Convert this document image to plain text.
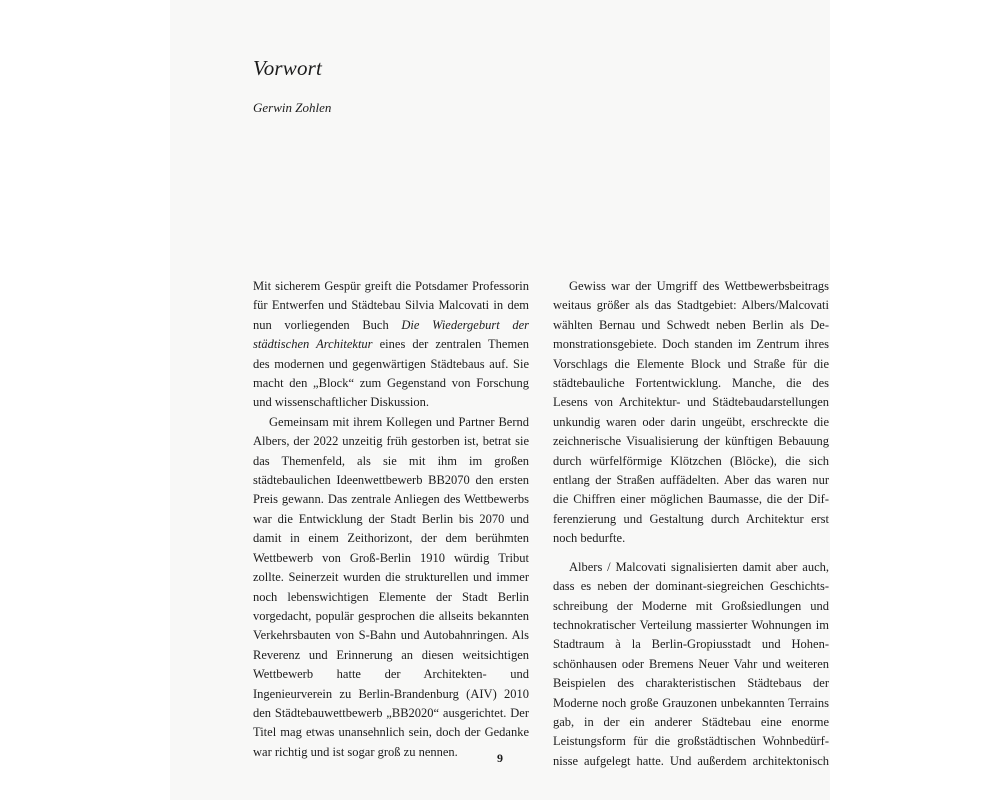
Vorwort

Gerwin Zohlen

Mit sicherem Gespür greift die Potsdamer Professorin für Entwerfen und Städtebau Silvia Malcovati in dem nun vorliegenden Buch Die Wiedergeburt der städtischen Architektur eines der zentralen Themen des modernen und gegenwärtigen Städtebaus auf. Sie macht den „Block“ zum Gegenstand von Forschung und wissenschaftlicher Diskussion.

Gemeinsam mit ihrem Kollegen und Partner Bernd Albers, der 2022 unzeitig früh gestorben ist, betrat sie das Themenfeld, als sie mit ihm im großen städtebaulichen Ideenwettbewerb BB2070 den ersten Preis gewann. Das zentrale Anliegen des Wettbewerbs war die Entwicklung der Stadt Berlin bis 2070 und damit in einem Zeithorizont, der dem berühmten Wettbewerb von Groß-Berlin 1910 würdig Tribut zollte. Seinerzeit wurden die strukturellen und immer noch lebenswichtigen Elemente der Stadt Berlin vorgedacht, populär gesprochen die allseits bekannten Verkehrsbauten von S-Bahn und Autobahnringen. Als Reverenz und Erinnerung an diesen weitsichtigen Wettbewerb hatte der Architekten- und Ingenieurverein zu Berlin-Brandenburg (AIV) 2010 den Städtebauwettbewerb „BB2020“ ausgerichtet. Der Titel mag etwas unansehnlich sein, doch der Gedanke war richtig und ist sogar groß zu nennen.

Gewiss war der Umgriff des Wettbewerbsbeitrags weitaus größer als das Stadtgebiet: Albers/Malcovati wählten Bernau und Schwedt neben Berlin als Demonstrationsgebiete. Doch standen im Zentrum ihres Vorschlags die Elemente Block und Straße für die städtebauliche Fortentwicklung. Manche, die des Lesens von Architektur- und Städtebaudarstellungen unkundig waren oder darin ungeübt, erschreckte die zeichnerische Visualisierung der künftigen Bebauung durch würfelförmige Klötzchen (Blöcke), die sich entlang der Straßen auffädelten. Aber das waren nur die Chiffren einer möglichen Baumasse, die der Differenzierung und Gestaltung durch Architektur erst noch bedurfte.

Albers / Malcovati signalisierten damit aber auch, dass es neben der dominant-siegreichen Geschichtsschreibung der Moderne mit Großsiedlungen und technokratischer Verteilung massierter Wohnungen im Stadtraum à la Berlin-Gropiusstadt und Hohenschönhausen oder Bremens Neuer Vahr und weiteren Beispielen des charakteristischen Städtebaus der Moderne noch große Grauzonen unbekannten Terrains gab, in der ein anderer Städtebau eine enorme Leistungsform für die großstädtischen Wohnbedürfnisse aufgelegt hatte. Und außerdem architektonisch

9
